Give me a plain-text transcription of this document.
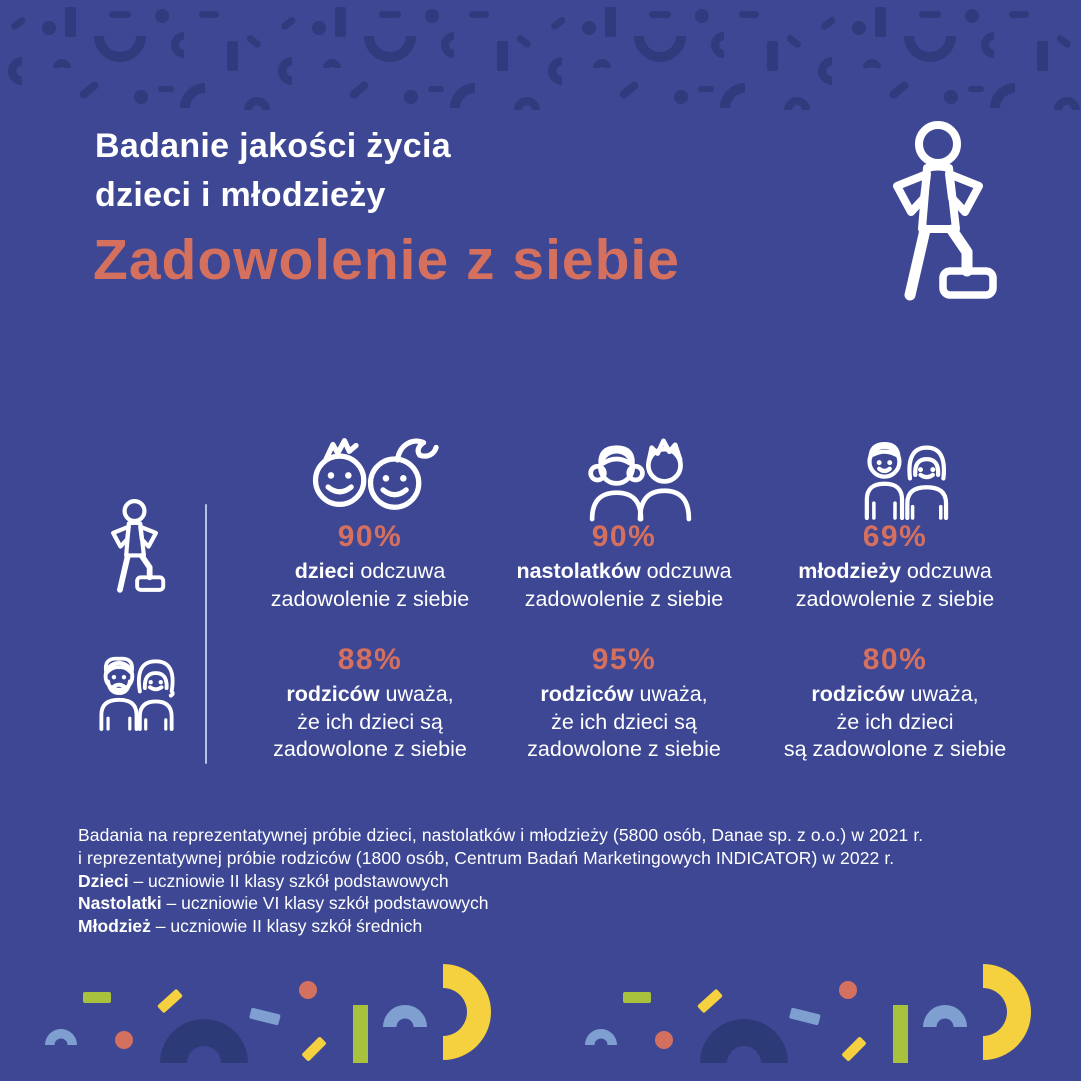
Badanie jakości życia
dzieci i młodzieży
Zadowolenie z siebie
90%
dzieci odczuwa
zadowolenie z siebie
90%
nastolatków odczuwa
zadowolenie z siebie
69%
młodzieży odczuwa
zadowolenie z siebie
88%
rodziców uważa,
że ich dzieci są
zadowolone z siebie
95%
rodziców uważa,
że ich dzieci są
zadowolone z siebie
80%
rodziców uważa,
że ich dzieci
są zadowolone z siebie
Badania na reprezentatywnej próbie dzieci, nastolatków i młodzieży (5800 osób, Danae sp. z o.o.) w 2021 r.
i reprezentatywnej próbie rodziców (1800 osób, Centrum Badań Marketingowych INDICATOR) w 2022 r.
Dzieci – uczniowie II klasy szkół podstawowych
Nastolatki – uczniowie VI klasy szkół podstawowych
Młodzież – uczniowie II klasy szkół średnich
